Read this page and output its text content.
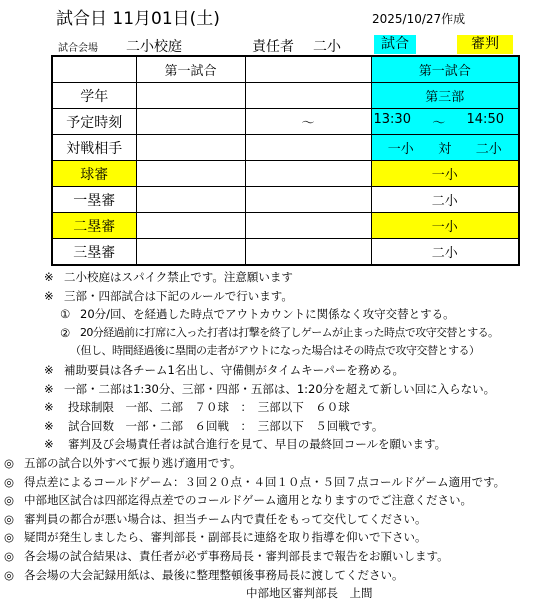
試合日 11月01日(土)	2025/10/27作成
試合会場 二小校庭	責任者 二小	試合	審判
	第一試合		第一試合
学年			第三部
予定時刻		～	13:30 ～ 14:50

対戦相手			一小 対 二小

球審			一小
一塁審			二小
二塁審			一小
三塁審			二小
※ 二小校庭はスパイク禁止です。注意願います
※ 三部・四部試合は下記のルールで行います。
① 20分/回、を経過した時点でアウトカウントに関係なく攻守交替とする。
② 20分経過前に打席に入った打者は打撃を終了しゲームが止まった時点で攻守交替とする。
（但し、時間経過後に塁間の走者がアウトになった場合はその時点で攻守交替とする）
※ 補助要員は各チーム1名出し、守備側がタイムキーパーを務める。
※ 一部・二部は1:30分、三部・四部・五部は、1:20分を超えて新しい回に入らない。
※ 投球制限　一部、二部　７０球　：　三部以下　６０球
※ 試合回数　一部・二部　６回戦　：　三部以下　５回戦です。
※ 審判及び会場責任者は試合進行を見て、早目の最終回コールを願います。
◎ 五部の試合以外すべて振り逃げ適用です。
◎ 得点差によるコールドゲーム：３回２０点・４回１０点・５回７点コールドゲーム適用です。
◎ 中部地区試合は四部迄得点差でのコールドゲーム適用となりますのでご注意ください。
◎ 審判員の都合が悪い場合は、担当チーム内で責任をもって交代してください。
◎ 疑問が発生しましたら、審判部長・副部長に連絡を取り指導を仰いで下さい。
◎ 各会場の試合結果は、責任者が必ず事務局長・審判部長まで報告をお願いします。
◎ 各会場の大会記録用紙は、最後に整理整頓後事務局長に渡してください。
中部地区審判部長　上間
